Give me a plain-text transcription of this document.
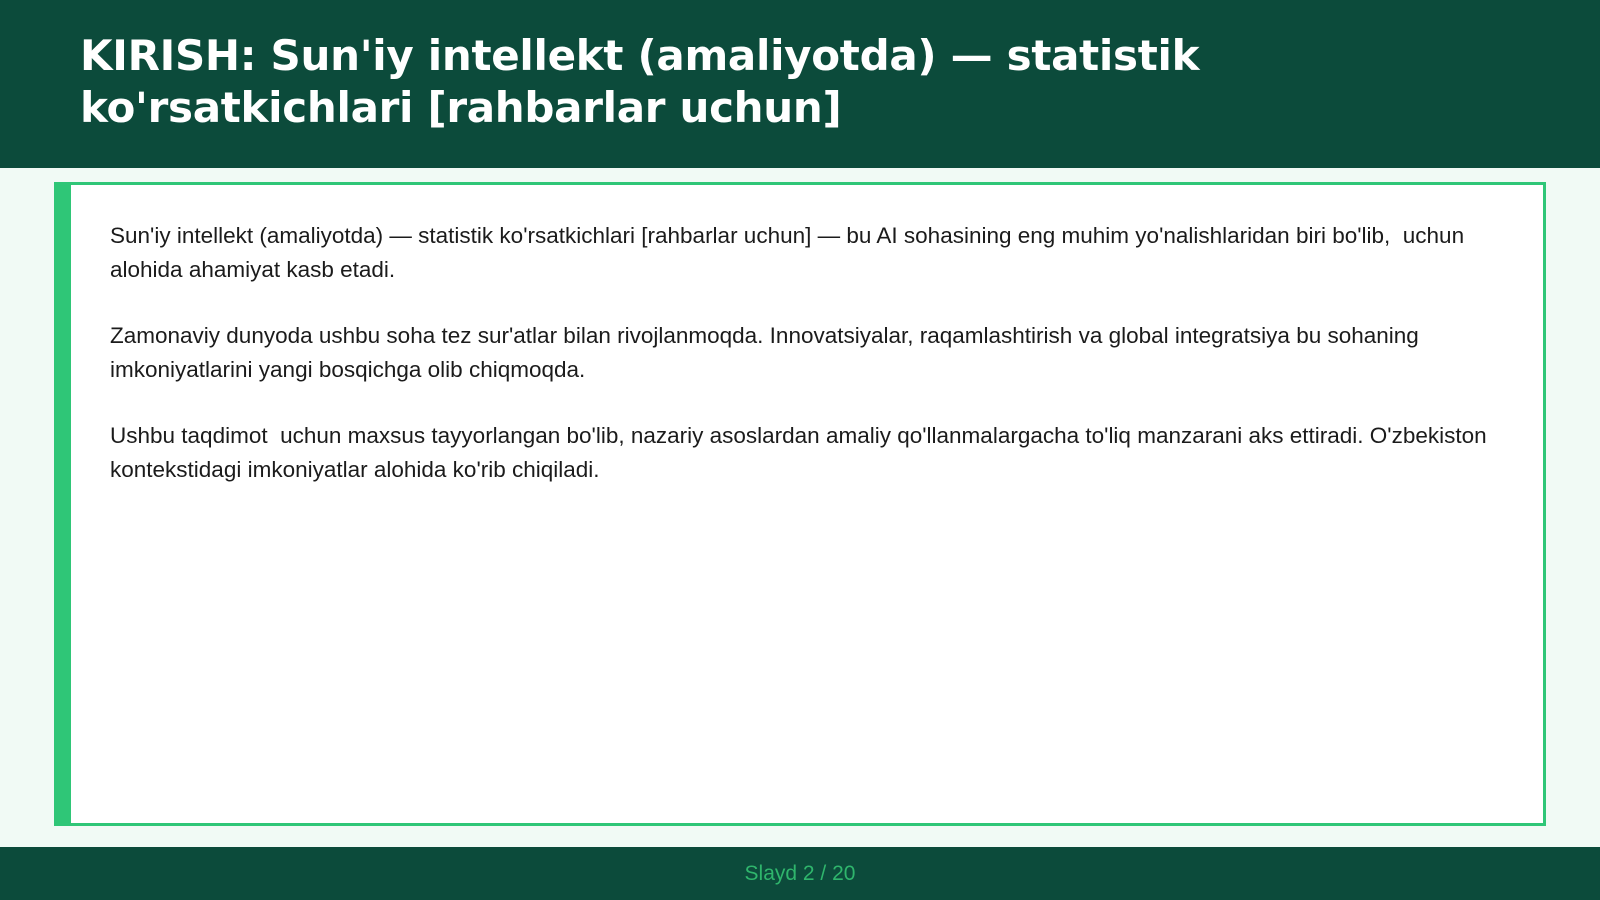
KIRISH: Sun'iy intellekt (amaliyotda) — statistik ko'rsatkichlari [rahbarlar uchun]

Sun'iy intellekt (amaliyotda) — statistik ko'rsatkichlari [rahbarlar uchun] — bu AI sohasining eng muhim yo'nalishlaridan biri bo'lib,  uchun alohida ahamiyat kasb etadi.

Zamonaviy dunyoda ushbu soha tez sur'atlar bilan rivojlanmoqda. Innovatsiyalar, raqamlashtirish va global integratsiya bu sohaning imkoniyatlarini yangi bosqichga olib chiqmoqda.

Ushbu taqdimot  uchun maxsus tayyorlangan bo'lib, nazariy asoslardan amaliy qo'llanmalargacha to'liq manzarani aks ettiradi. O'zbekiston kontekstidagi imkoniyatlar alohida ko'rib chiqiladi.

Slayd 2 / 20
